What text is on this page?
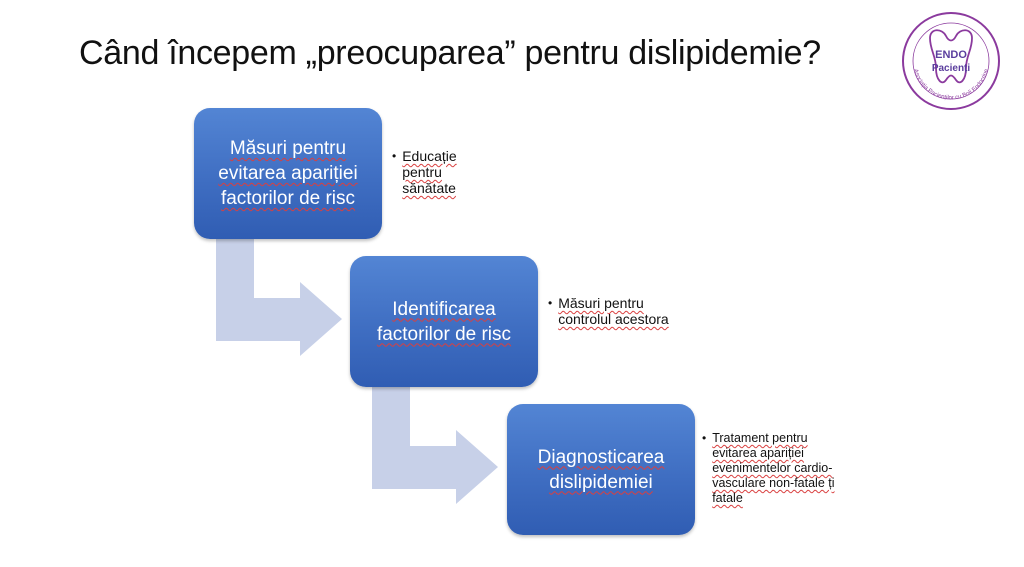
Când începem „preocuparea” pentru dislipidemie?	ENDO
Pacienți
Asociația Pacienților cu Boli Endocrine
Măsuri pentru evitarea apariției factorilor de risc
Identificarea factorilor de risc
Diagnosticarea dislipidemiei
• Educație pentru sănătate
• Măsuri pentru controlul acestora
• Tratament pentru evitarea apariției evenimentelor cardio-vasculare non-fatale ți fatale
